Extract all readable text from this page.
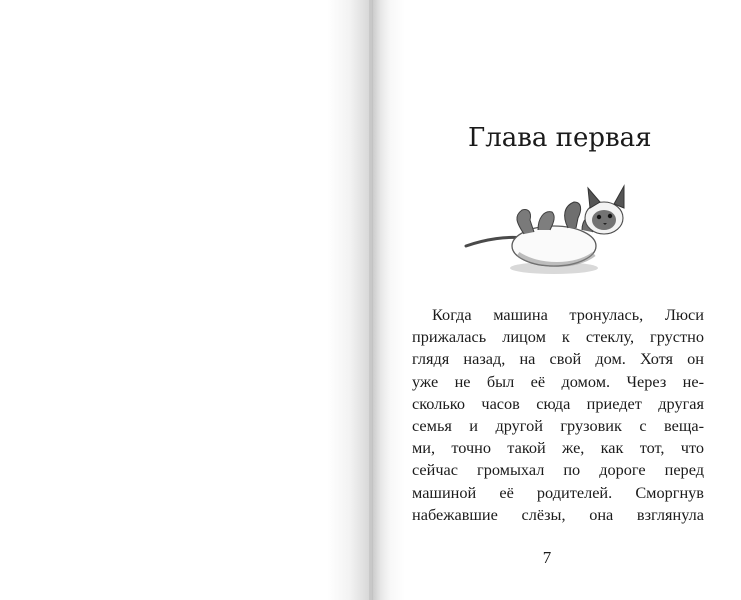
Глава первая
Когда машина тронулась, Люси
прижалась лицом к стеклу, грустно
глядя назад, на свой дом. Хотя он
уже не был её домом. Через не-
сколько часов сюда приедет другая
семья и другой грузовик с веща-
ми, точно такой же, как тот, что
сейчас громыхал по дороге перед
машиной её родителей. Сморгнув
набежавшие слёзы, она взглянула
7
